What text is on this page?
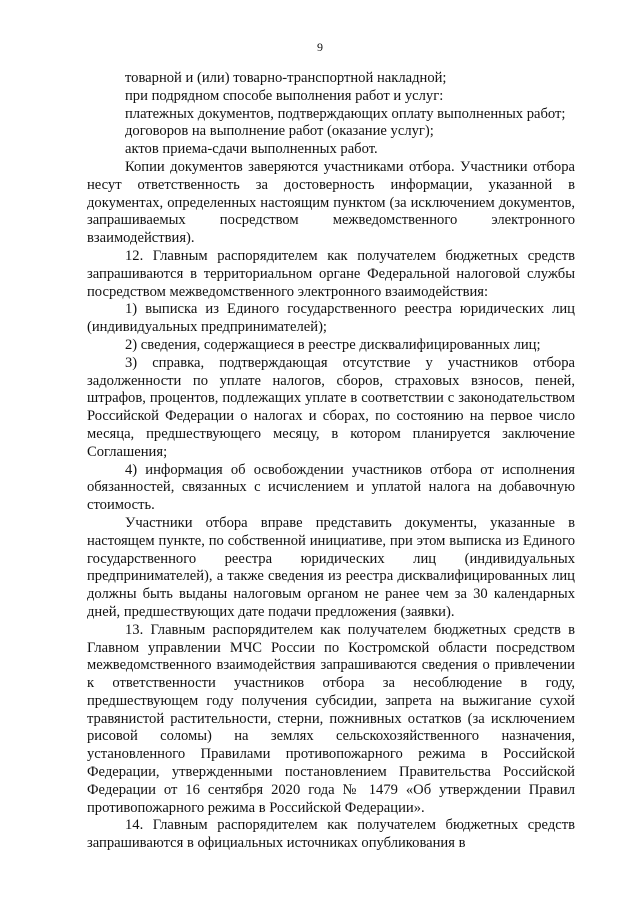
9

товарной и (или) товарно-транспортной накладной;

при подрядном способе выполнения работ и услуг:

платежных документов, подтверждающих оплату выполненных работ;

договоров на выполнение работ (оказание услуг);

актов приема-сдачи выполненных работ.

Копии документов заверяются участниками отбора. Участники отбора несут ответственность за достоверность информации, указанной в документах, определенных настоящим пунктом (за исключением документов, запрашиваемых посредством межведомственного электронного взаимодействия).

12. Главным распорядителем как получателем бюджетных средств запрашиваются в территориальном органе Федеральной налоговой службы посредством межведомственного электронного взаимодействия:

1) выписка из Единого государственного реестра юридических лиц (индивидуальных предпринимателей);

2) сведения, содержащиеся в реестре дисквалифицированных лиц;

3) справка, подтверждающая отсутствие у участников отбора задолженности по уплате налогов, сборов, страховых взносов, пеней, штрафов, процентов, подлежащих уплате в соответствии с законодательством Российской Федерации о налогах и сборах, по состоянию на первое число месяца, предшествующего месяцу, в котором планируется заключение Соглашения;

4) информация об освобождении участников отбора от исполнения обязанностей, связанных с исчислением и уплатой налога на добавочную стоимость.

Участники отбора вправе представить документы, указанные в настоящем пункте, по собственной инициативе, при этом выписка из Единого государственного реестра юридических лиц (индивидуальных предпринимателей), а также сведения из реестра дисквалифицированных лиц должны быть выданы налоговым органом не ранее чем за 30 календарных дней, предшествующих дате подачи предложения (заявки).

13. Главным распорядителем как получателем бюджетных средств в Главном управлении МЧС России по Костромской области посредством межведомственного взаимодействия запрашиваются сведения о привлечении к ответственности участников отбора за несоблюдение в году, предшествующем году получения субсидии, запрета на выжигание сухой травянистой растительности, стерни, пожнивных остатков (за исключением рисовой соломы) на землях сельскохозяйственного назначения, установленного Правилами противопожарного режима в Российской Федерации, утвержденными постановлением Правительства Российской Федерации от 16 сентября 2020 года № 1479 «Об утверждении Правил противопожарного режима в Российской Федерации».

14. Главным распорядителем как получателем бюджетных средств запрашиваются в официальных источниках опубликования в
